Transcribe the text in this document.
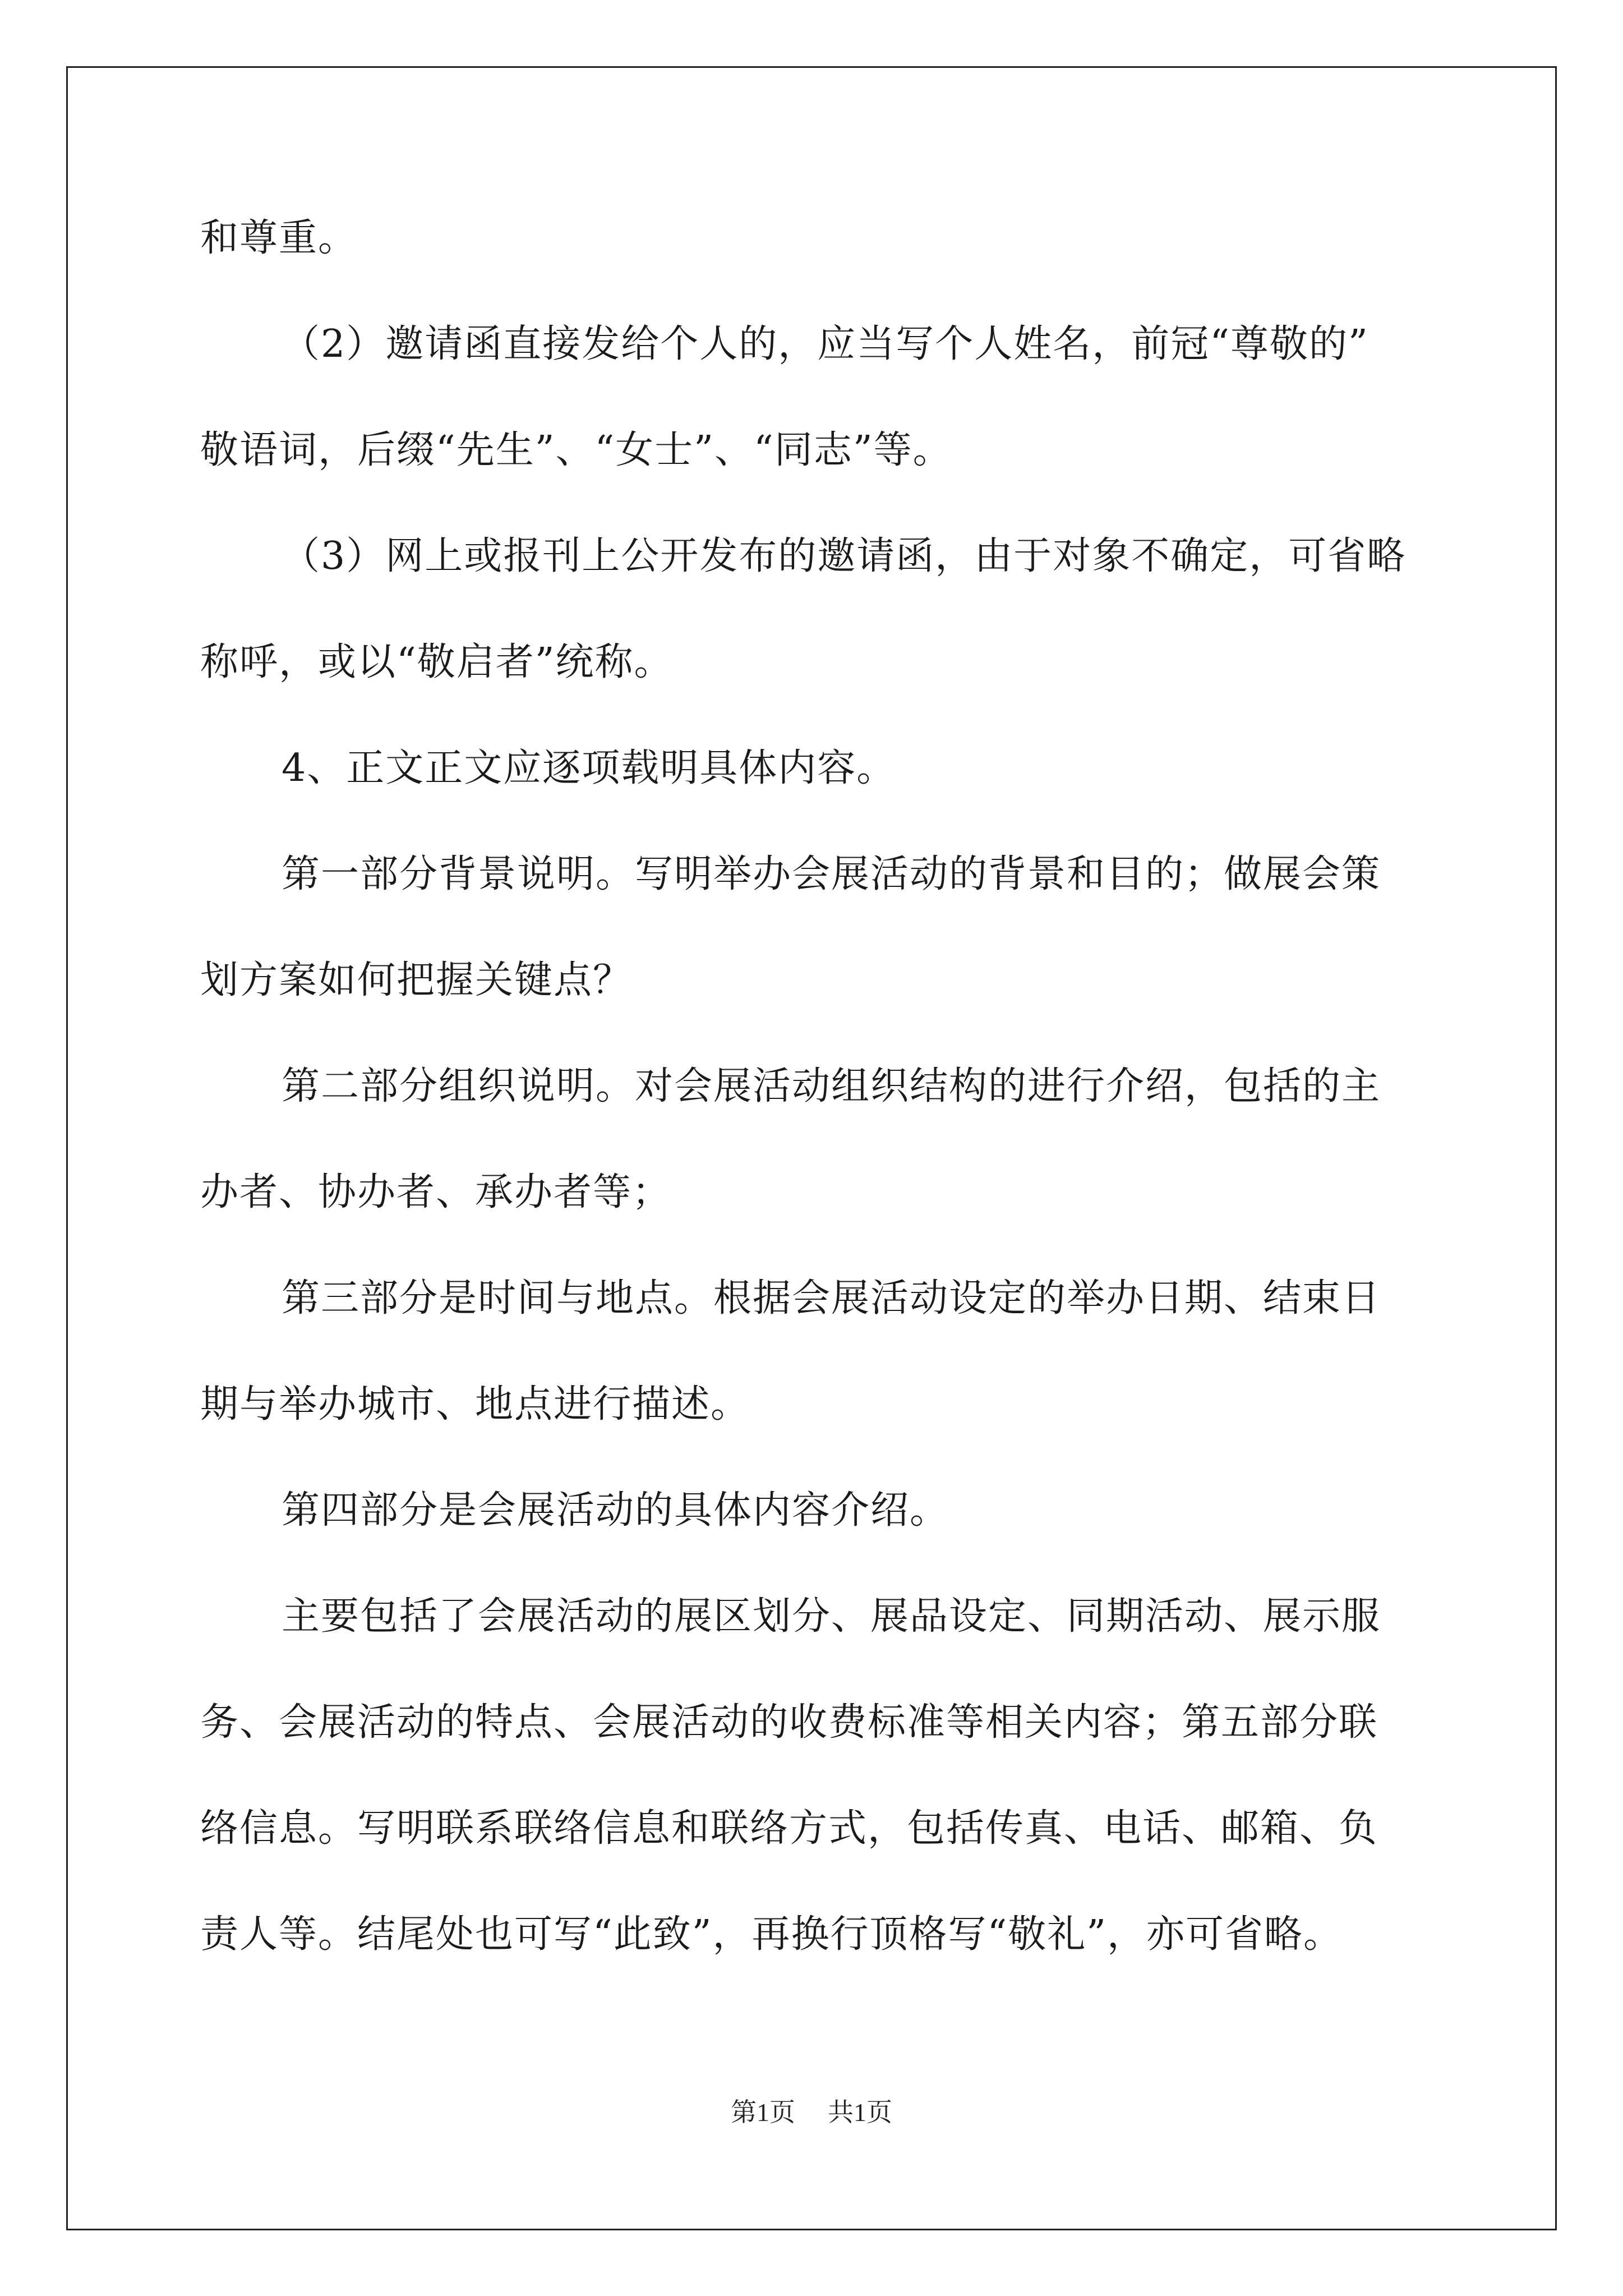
和尊重。
（2）邀请函直接发给个人的，应当写个人姓名，前冠“尊敬的”
敬语词，后缀“先生”、“女士”、“同志”等。
（3）网上或报刊上公开发布的邀请函，由于对象不确定，可省略
称呼，或以“敬启者”统称。
4、正文正文应逐项载明具体内容。
第一部分背景说明。写明举办会展活动的背景和目的；做展会策
划方案如何把握关键点？
第二部分组织说明。对会展活动组织结构的进行介绍，包括的主
办者、协办者、承办者等；
第三部分是时间与地点。根据会展活动设定的举办日期、结束日
期与举办城市、地点进行描述。
第四部分是会展活动的具体内容介绍。
主要包括了会展活动的展区划分、展品设定、同期活动、展示服
务、会展活动的特点、会展活动的收费标准等相关内容；第五部分联
络信息。写明联系联络信息和联络方式，包括传真、电话、邮箱、负
责人等。结尾处也可写“此致”，再换行顶格写“敬礼”，亦可省略。
第1页 共1页
